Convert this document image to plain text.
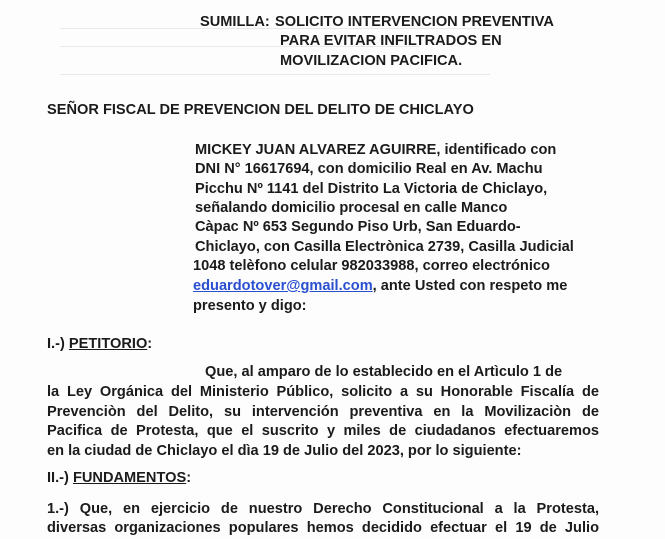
SUMILLA: SOLICITO INTERVENCION PREVENTIVA
PARA EVITAR INFILTRADOS EN
MOVILIZACION PACIFICA.
SEÑOR FISCAL DE PREVENCION DEL DELITO DE CHICLAYO
MICKEY JUAN ALVAREZ AGUIRRE, identificado con
DNI N° 16617694, con domicilio Real en Av. Machu
Picchu Nº 1141 del Distrito La Victoria de Chiclayo,
señalando domicilio procesal en calle Manco
Càpac Nº 653 Segundo Piso Urb, San Eduardo-
Chiclayo, con Casilla Electrònica 2739, Casilla Judicial
1048 telèfono celular 982033988, correo electrónico
eduardotover@gmail.com, ante Usted con respeto me
presento y digo:
I.-) PETITORIO:
Que, al amparo de lo establecido en el Artìculo 1 de
la Ley Orgánica del Ministerio Público, solicito a su Honorable Fiscalía de
Prevenciòn del Delito, su intervención preventiva en la Movilizaciòn de
Pacifica de Protesta, que el suscrito y miles de ciudadanos efectuaremos
en la ciudad de Chiclayo el dìa 19 de Julio del 2023, por lo siguiente:
II.-) FUNDAMENTOS:
1.-) Que, en ejercicio de nuestro Derecho Constitucional a la Protesta,
diversas organizaciones populares hemos decidido efectuar el 19 de Julio
